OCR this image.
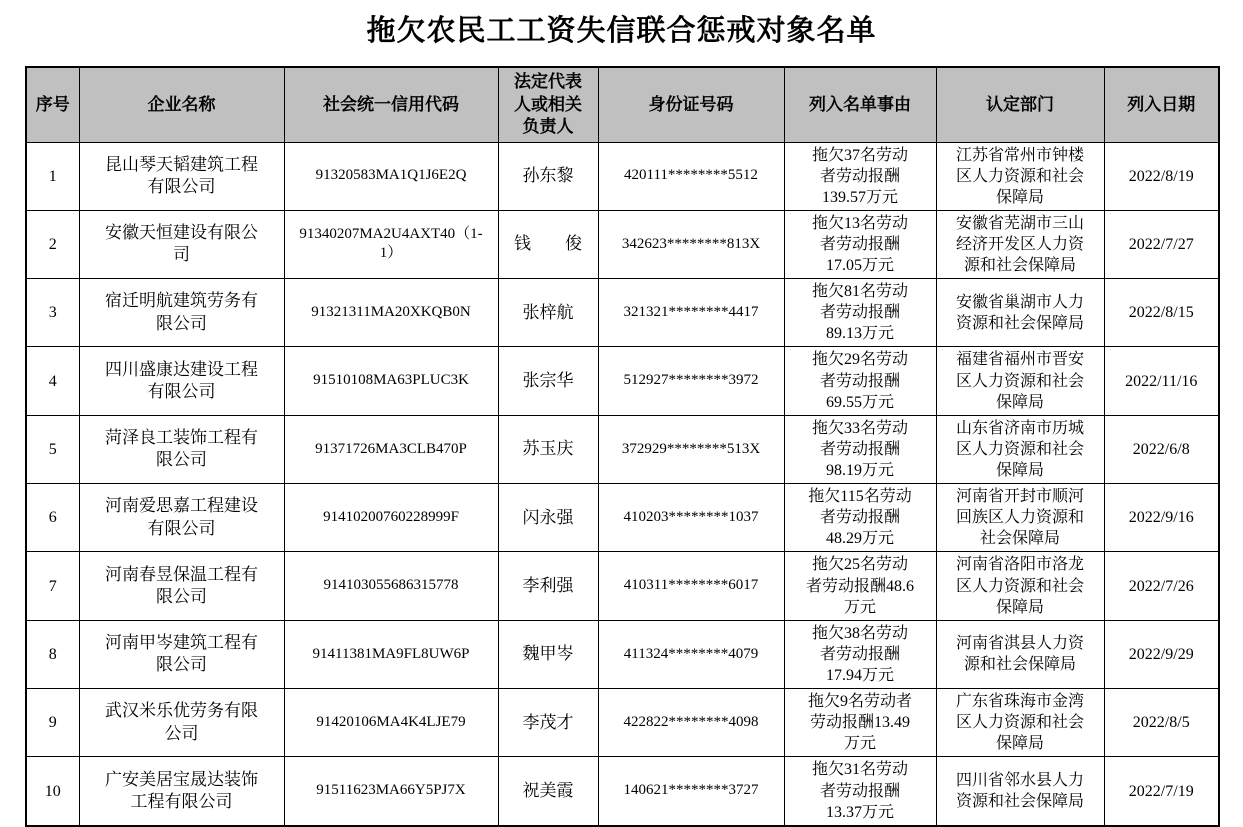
拖欠农民工工资失信联合惩戒对象名单
序号	企业名称	社会统一信用代码	法定代表人或相关负责人	身份证号码	列入名单事由	认定部门	列入日期
1	昆山琴天韬建筑工程有限公司	91320583MA1Q1J6E2Q	孙东黎	420111********5512	拖欠37名劳动者劳动报酬139.57万元	江苏省常州市钟楼区人力资源和社会保障局	2022/8/19
2	安徽天恒建设有限公司	91340207MA2U4AXT40（1-1）	钱　　俊	342623********813X	拖欠13名劳动者劳动报酬17.05万元	安徽省芜湖市三山经济开发区人力资源和社会保障局	2022/7/27
3	宿迁明航建筑劳务有限公司	91321311MA20XKQB0N	张梓航	321321********4417	拖欠81名劳动者劳动报酬89.13万元	安徽省巢湖市人力资源和社会保障局	2022/8/15
4	四川盛康达建设工程有限公司	91510108MA63PLUC3K	张宗华	512927********3972	拖欠29名劳动者劳动报酬69.55万元	福建省福州市晋安区人力资源和社会保障局	2022/11/16
5	菏泽良工装饰工程有限公司	91371726MA3CLB470P	苏玉庆	372929********513X	拖欠33名劳动者劳动报酬98.19万元	山东省济南市历城区人力资源和社会保障局	2022/6/8
6	河南爱思嘉工程建设有限公司	91410200760228999F	闪永强	410203********1037	拖欠115名劳动者劳动报酬48.29万元	河南省开封市顺河回族区人力资源和社会保障局	2022/9/16
7	河南春昱保温工程有限公司	914103055686315778	李利强	410311********6017	拖欠25名劳动者劳动报酬48.6万元	河南省洛阳市洛龙区人力资源和社会保障局	2022/7/26
8	河南甲岑建筑工程有限公司	91411381MA9FL8UW6P	魏甲岑	411324********4079	拖欠38名劳动者劳动报酬17.94万元	河南省淇县人力资源和社会保障局	2022/9/29
9	武汉米乐优劳务有限公司	91420106MA4K4LJE79	李茂才	422822********4098	拖欠9名劳动者劳动报酬13.49万元	广东省珠海市金湾区人力资源和社会保障局	2022/8/5
10	广安美居宝晟达装饰工程有限公司	91511623MA66Y5PJ7X	祝美霞	140621********3727	拖欠31名劳动者劳动报酬13.37万元	四川省邻水县人力资源和社会保障局	2022/7/19
